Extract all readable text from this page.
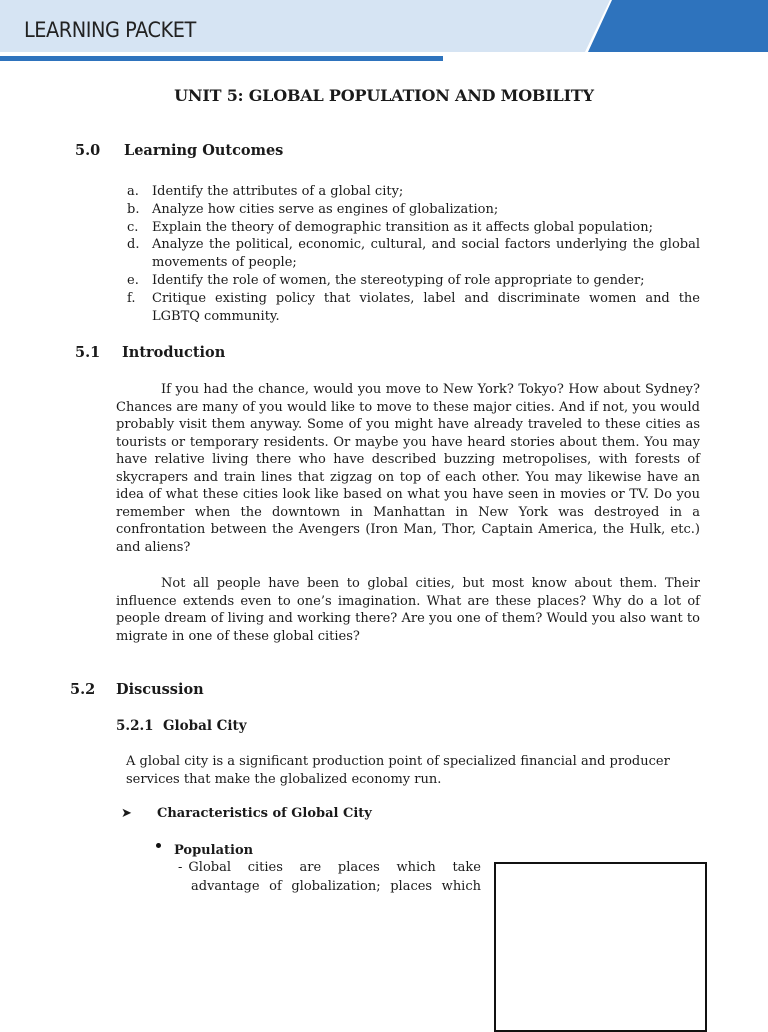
LEARNING PACKET
UNIT 5: GLOBAL POPULATION AND MOBILITY
5.0 Learning Outcomes
a. Identify the attributes of a global city;
b. Analyze how cities serve as engines of globalization;
c. Explain the theory of demographic transition as it affects global population;
d. Analyze the political, economic, cultural, and social factors underlying the global movements of people;
e. Identify the role of women, the stereotyping of role appropriate to gender;
f. Critique existing policy that violates, label and discriminate women and the LGBTQ community.
5.1 Introduction

If you had the chance, would you move to New York? Tokyo? How about Sydney? Chances are many of you would like to move to these major cities. And if not, you would probably visit them anyway. Some of you might have already traveled to these cities as tourists or temporary residents. Or maybe you have heard stories about them. You may have relative living there who have described buzzing metropolises, with forests of skycrapers and train lines that zigzag on top of each other. You may likewise have an idea of what these cities look like based on what you have seen in movies or TV. Do you remember when the downtown in Manhattan in New York was destroyed in a confrontation between the Avengers (Iron Man, Thor, Captain America, the Hulk, etc.) and aliens?

Not all people have been to global cities, but most know about them. Their influence extends even to one’s imagination. What are these places? Why do a lot of people dream of living and working there? Are you one of them? Would you also want to migrate in one of these global cities?

5.2 Discussion
5.2.1 Global City

A global city is a significant production point of specialized financial and producer services that make the globalized economy run.

➤ Characteristics of Global City
Population

- Global cities are places which take
advantage of globalization; places which
